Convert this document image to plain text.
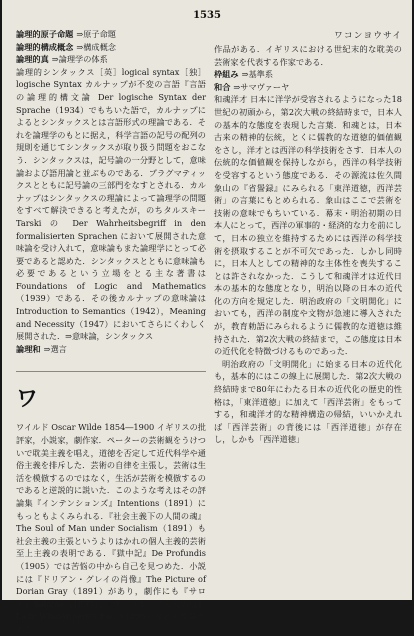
1535
論理的原子命題 ⇒原子命題
論理的構成概念 ⇒構成概念
論理的真 ⇒論理学の体系

論理的シンタックス［英］logical syntax［独］logische Syntax カルナップが不変の言語『言語の論理的構文論 Der logische Syntax der Sprache（1934）でもちいた語で，カルナップによるとシンタックスとは言語形式の理論である．それを論理学のもとに据え，科学言語の記号の配列の規則を通じてシンタックスが取り扱う問題をおこなう．シンタックスは，記号論の一分野として，意味論および語用論と並ぶものである．プラグマティックスとともに記号論の三部門をなすとされる．カルナップはシンタックスの理論によって論理学の問題をすべて解決できると考えたが，のちタルスキー Tarski の Der Wahrheitsbegriff in den formalisierten Sprachen において展開された意味論を受け入れて，意味論もまた論理学にとって必要であると認めた．シンタックスとともに意味論も必要であるという立場をとる主な著書は Foundations of Logic and Mathematics（1939）である．その後カルナップの意味論は Introduction to Semantics（1942），Meaning and Necessity（1947）においてさらにくわしく展開された．⇒意味論，シンタックス

論理和 ⇒選言
ワ

ワイルド Oscar Wilde 1854―1900 イギリスの批評家，小説家，劇作家．ペーターの芸術観をうけついで耽美主義を唱え，道徳を否定して近代科学や通俗主義を排斥した．芸術の自律を主張し，芸術は生活を模倣するのではなく，生活が芸術を模倣するのであると逆説的に説いた．このような考えはその評論集『インテンションズ』Intentions（1891）にもっともよくみられる．『社会主義下の人間の魂』The Soul of Man under Socialism（1891）も社会主義の主張というよりはかれの個人主義的芸術至上主義の表明である．『獄中記』De Profundis（1905）では苦悩の中から自己を見つめた．小説には『ドリアン・グレイの肖像』The Picture of Dorian Gray（1891）があり，劇作にも『サロメ』Salomé（1893），『ウィンダミア夫人の扇』Lady Windermere's Fan（1893）などの作品がある．

ワコンヨウサイ

作品がある．イギリスにおける世紀末的な耽美の芸術家を代表する作家である．

枠組み ⇒基準系
和合 ⇒サマヴァーヤ

和魂洋才 日本に洋学が受容されるようになった18世紀の初頭から，第2次大戦の終結時まで，日本人の基本的な態度を表現した言葉．和魂とは，日本古来の精神的伝統，とくに儒教的な道徳的価値観をさし，洋才とは西洋の科学技術をさす．日本人の伝統的な価値観を保持しながら，西洋の科学技術を受容するという態度である．その源流は佐久間象山の『省諐録』にみられる「東洋道徳，西洋芸術」の言葉にもとめられる．象山はここで芸術を技術の意味でもちいている．幕末・明治初期の日本人にとって，西洋の軍事的・経済的な力を前にして，日本の独立を維持するためには西洋の科学技術を摂取することが不可欠であった．しかし同時に，日本人としての精神的な主体性を喪失することは許されなかった．こうして和魂洋才は近代日本の基本的な態度となり，明治以降の日本の近代化の方向を規定した．明治政府の「文明開化」においても，西洋の制度や文物が急速に導入されたが，教育勅語にみられるように儒教的な道徳は維持された．第2次大戦の終結まで，この態度は日本の近代化を特徴づけるものであった．

明治政府の「文明開化」に始まる日本の近代化も，基本的にはこの線上に展開した．第2次大戦の終結時まで80年にわたる日本の近代化の歴史的性格は，「東洋道徳」に加えて「西洋芸術」をもってする，和魂洋才的な精神構造の帰結，いいかえれば「西洋芸術」の背後には「西洋道徳」が存在し，しかも「西洋道徳」
